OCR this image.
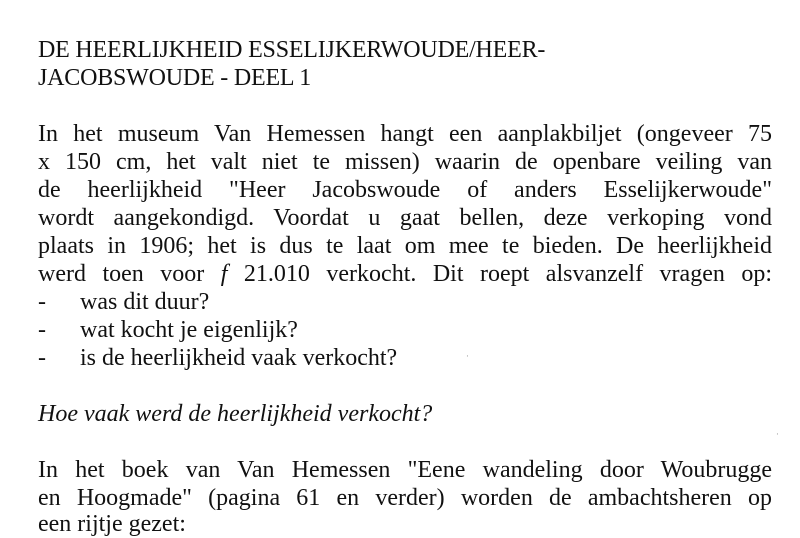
DE HEERLIJKHEID ESSELIJKERWOUDE/HEER-
JACOBSWOUDE - DEEL 1
In het museum Van Hemessen hangt een aanplakbiljet (ongeveer 75
x 150 cm, het valt niet te missen) waarin de openbare veiling van
de heerlijkheid "Heer Jacobswoude of anders Esselijkerwoude"
wordt aangekondigd. Voordat u gaat bellen, deze verkoping vond
plaats in 1906; het is dus te laat om mee te bieden. De heerlijkheid
werd toen voor f 21.010 verkocht. Dit roept alsvanzelf vragen op:
- was dit duur?
- wat kocht je eigenlijk?
- is de heerlijkheid vaak verkocht?
Hoe vaak werd de heerlijkheid verkocht?
In het boek van Van Hemessen "Eene wandeling door Woubrugge
en Hoogmade" (pagina 61 en verder) worden de ambachtsheren op
een rijtje gezet:
·
·
